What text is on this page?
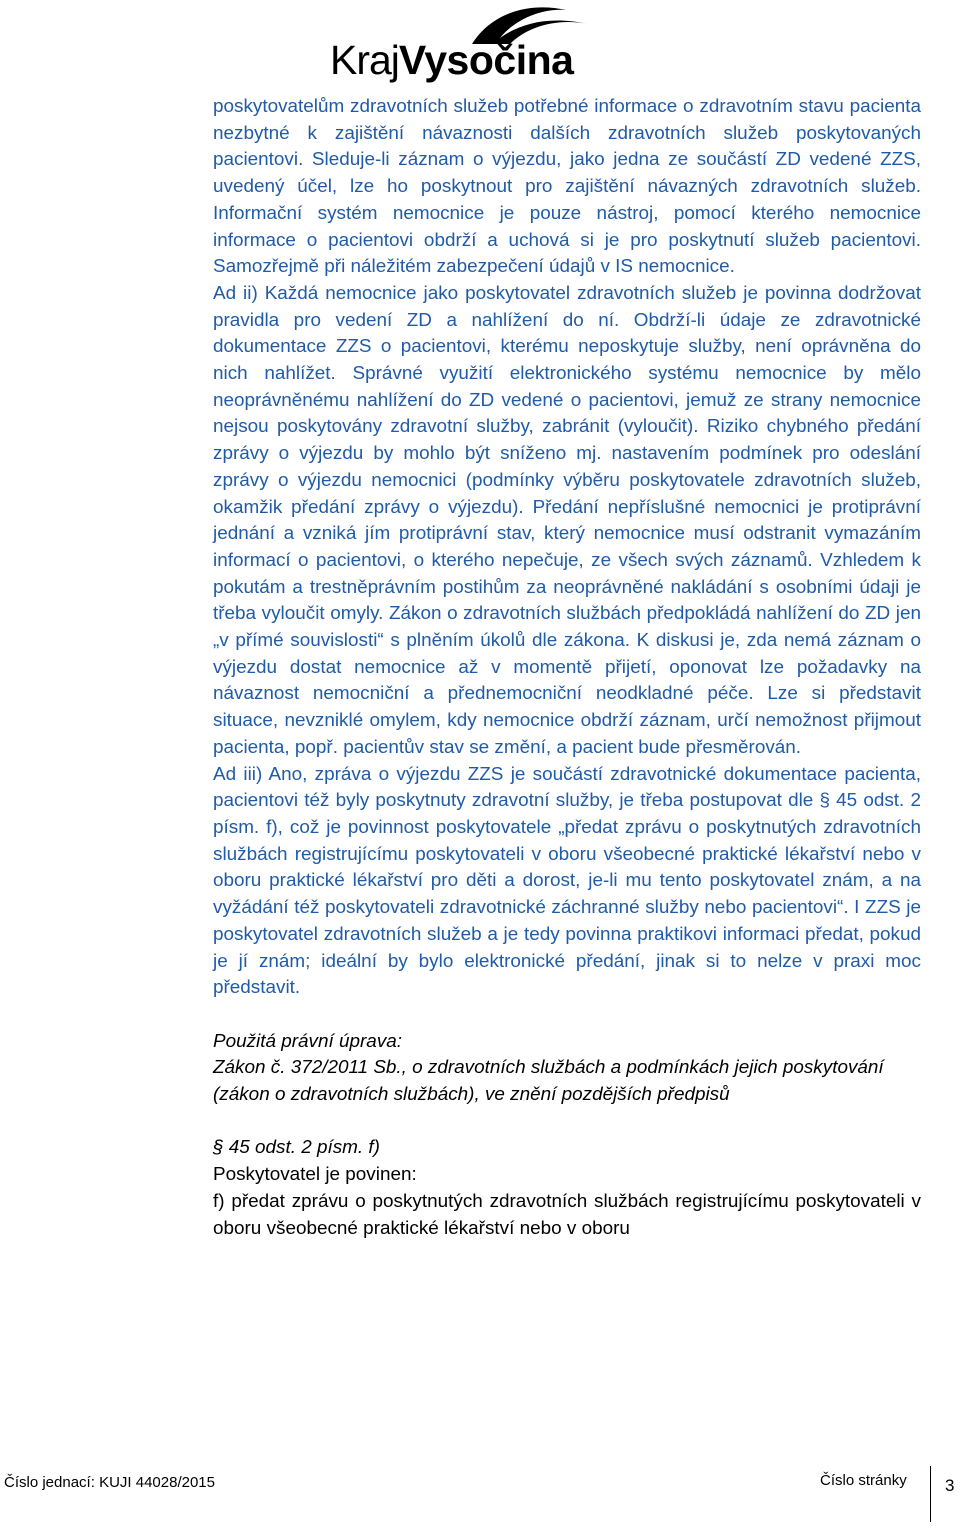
KrajVysočina

poskytovatelům zdravotních služeb potřebné informace o zdravotním stavu pacienta nezbytné k zajištění návaznosti dalších zdravotních služeb poskytovaných pacientovi. Sleduje-li záznam o výjezdu, jako jedna ze součástí ZD vedené ZZS, uvedený účel, lze ho poskytnout pro zajištění návazných zdravotních služeb. Informační systém nemocnice je pouze nástroj, pomocí kterého nemocnice informace o pacientovi obdrží a uchová si je pro poskytnutí služeb pacientovi. Samozřejmě při náležitém zabezpečení údajů v IS nemocnice.

Ad ii) Každá nemocnice jako poskytovatel zdravotních služeb je povinna dodržovat pravidla pro vedení ZD a nahlížení do ní. Obdrží-li údaje ze zdravotnické dokumentace ZZS o pacientovi, kterému neposkytuje služby, není oprávněna do nich nahlížet. Správné využití elektronického systému nemocnice by mělo neoprávněnému nahlížení do ZD vedené o pacientovi, jemuž ze strany nemocnice nejsou poskytovány zdravotní služby, zabránit (vyloučit). Riziko chybného předání zprávy o výjezdu by mohlo být sníženo mj. nastavením podmínek pro odeslání zprávy o výjezdu nemocnici (podmínky výběru poskytovatele zdravotních služeb, okamžik předání zprávy o výjezdu). Předání nepříslušné nemocnici je protiprávní jednání a vzniká jím protiprávní stav, který nemocnice musí odstranit vymazáním informací o pacientovi, o kterého nepečuje, ze všech svých záznamů. Vzhledem k pokutám a trestněprávním postihům za neoprávněné nakládání s osobními údaji je třeba vyloučit omyly. Zákon o zdravotních službách předpokládá nahlížení do ZD jen „v přímé souvislosti“ s plněním úkolů dle zákona. K diskusi je, zda nemá záznam o výjezdu dostat nemocnice až v momentě přijetí, oponovat lze požadavky na návaznost nemocniční a přednemocniční neodkladné péče. Lze si představit situace, nevzniklé omylem, kdy nemocnice obdrží záznam, určí nemožnost přijmout pacienta, popř. pacientův stav se změní, a pacient bude přesměrován.

Ad iii) Ano, zpráva o výjezdu ZZS je součástí zdravotnické dokumentace pacienta, pacientovi též byly poskytnuty zdravotní služby, je třeba postupovat dle § 45 odst. 2 písm. f), což je povinnost poskytovatele „předat zprávu o poskytnutých zdravotních službách registrujícímu poskytovateli v oboru všeobecné praktické lékařství nebo v oboru praktické lékařství pro děti a dorost, je-li mu tento poskytovatel znám, a na vyžádání též poskytovateli zdravotnické záchranné služby nebo pacientovi“. I ZZS je poskytovatel zdravotních služeb a je tedy povinna praktikovi informaci předat, pokud je jí znám; ideální by bylo elektronické předání, jinak si to nelze v praxi moc představit.

Použitá právní úprava:
Zákon č. 372/2011 Sb., o zdravotních službách a podmínkách jejich poskytování
(zákon o zdravotních službách), ve znění pozdějších předpisů
§ 45 odst. 2 písm. f)
Poskytovatel je povinen:
f) předat zprávu o poskytnutých zdravotních službách registrujícímu poskytovateli v oboru všeobecné praktické lékařství nebo v oboru
Číslo jednací: KUJI 44028/2015	Číslo stránky 3
